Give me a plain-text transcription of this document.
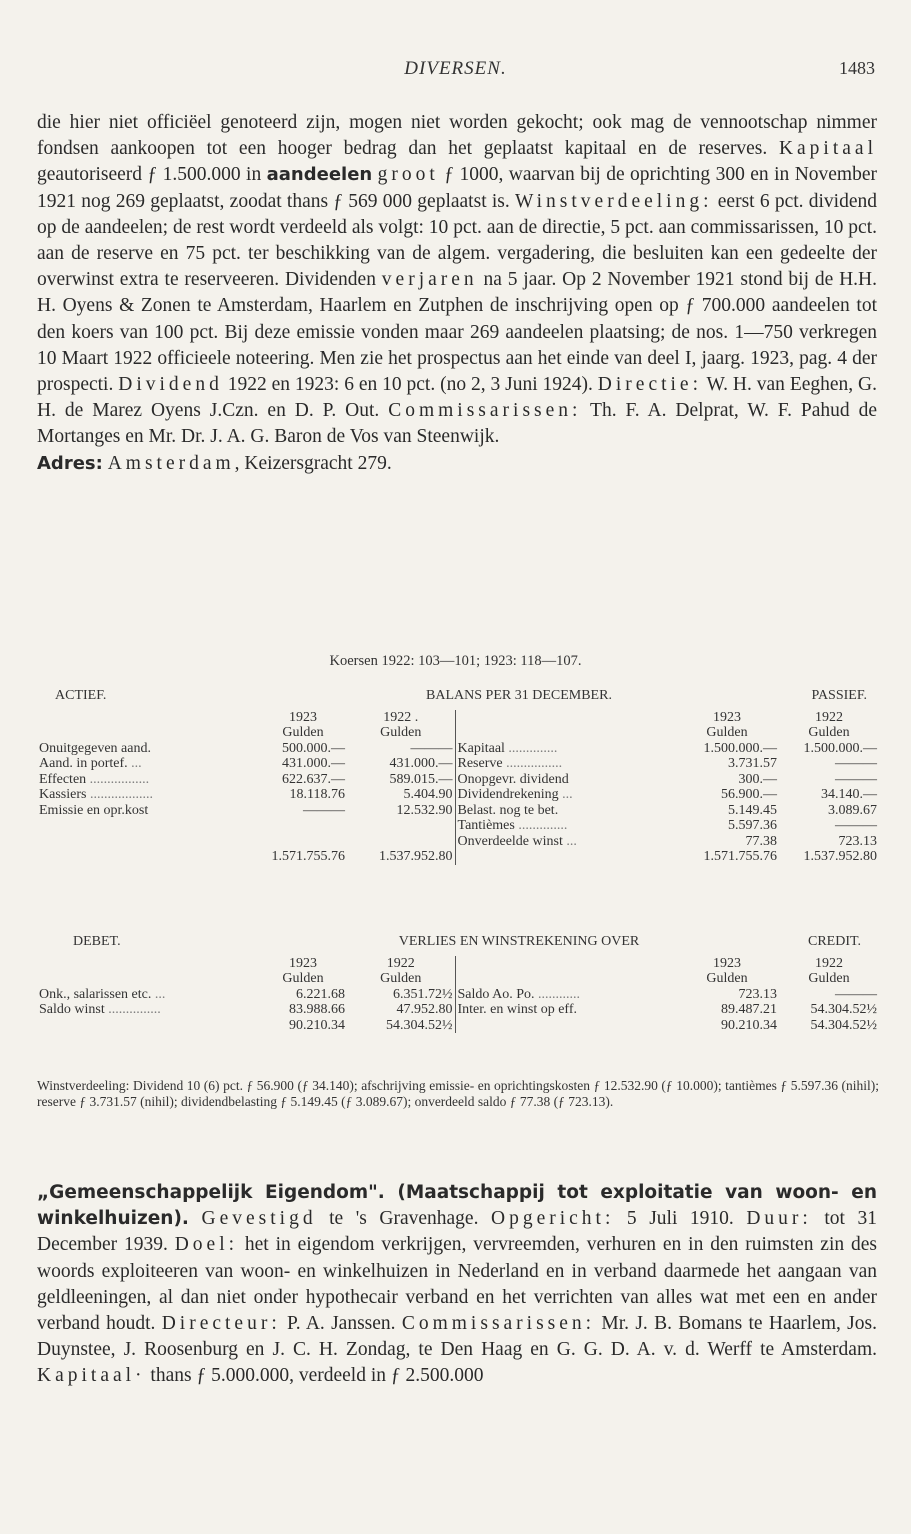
DIVERSEN.	1483
die hier niet officiëel genoteerd zijn, mogen niet worden gekocht; ook mag de vennootschap nimmer fondsen aankoopen tot een hooger bedrag dan het geplaatst kapitaal en de reserves. Kapitaal geautoriseerd ƒ 1.500.000 in aandeelen groot ƒ 1000, waarvan bij de oprichting 300 en in November 1921 nog 269 geplaatst, zoodat thans ƒ 569 000 geplaatst is. Winstverdeeling: eerst 6 pct. dividend op de aandeelen; de rest wordt verdeeld als volgt: 10 pct. aan de directie, 5 pct. aan commissarissen, 10 pct. aan de reserve en 75 pct. ter beschikking van de algem. vergadering, die besluiten kan een gedeelte der overwinst extra te reserveeren. Dividenden verjaren na 5 jaar. Op 2 November 1921 stond bij de H.H. H. Oyens & Zonen te Amsterdam, Haarlem en Zutphen de inschrijving open op ƒ 700.000 aandeelen tot den koers van 100 pct. Bij deze emissie vonden maar 269 aandeelen plaatsing; de nos. 1—750 verkregen 10 Maart 1922 officieele noteering. Men zie het prospectus aan het einde van deel I, jaarg. 1923, pag. 4 der prospecti. Dividend 1922 en 1923: 6 en 10 pct. (no 2, 3 Juni 1924). Directie: W. H. van Eeghen, G. H. de Marez Oyens J.Czn. en D. P. Out. Commissarissen: Th. F. A. Delprat, W. F. Pahud de Mortanges en Mr. Dr. J. A. G. Baron de Vos van Steenwijk.
Adres: Amsterdam, Keizersgracht 279.
Koersen 1922: 103—101; 1923: 118—107.
ACTIEF.	BALANS PER 31 DECEMBER.				PASSIEF.

	1923	1922 .		1923	1922
	Gulden	Gulden		Gulden	Gulden
Onuitgegeven aand.	500.000.—	———	Kapitaal ..............	1.500.000.—	1.500.000.—
Aand. in portef. ...	431.000.—	431.000.—	Reserve ................	3.731.57	———
Effecten .................	622.637.—	589.015.—	Onopgevr. dividend	300.—	———
Kassiers ..................	18.118.76	5.404.90	Dividendrekening ...	56.900.—	34.140.—
Emissie en opr.kost	———	12.532.90	Belast. nog te bet.	5.149.45	3.089.67
			Tantièmes ..............	5.597.36	———
			Onverdeelde winst ...	77.38	723.13
	1.571.755.76	1.537.952.80		1.571.755.76	1.537.952.80
DEBET.	VERLIES EN WINSTREKENING OVER				CREDIT.

	1923	1922		1923	1922
	Gulden	Gulden		Gulden	Gulden
Onk., salarissen etc. ...	6.221.68	6.351.72½	Saldo Ao. Po. ............	723.13	———
Saldo winst ...............	83.988.66	47.952.80	Inter. en winst op eff.	89.487.21	54.304.52½
	90.210.34	54.304.52½		90.210.34	54.304.52½
Winstverdeeling: Dividend 10 (6) pct. ƒ 56.900 (ƒ 34.140); afschrijving emissie- en oprichtingskosten ƒ 12.532.90 (ƒ 10.000); tantièmes ƒ 5.597.36 (nihil); reserve ƒ 3.731.57 (nihil); dividendbelasting ƒ 5.149.45 (ƒ 3.089.67); onverdeeld saldo ƒ 77.38 (ƒ 723.13).
„Gemeenschappelijk Eigendom". (Maatschappij tot exploitatie van woon- en winkelhuizen). Gevestigd te 's Gravenhage. Opgericht: 5 Juli 1910. Duur: tot 31 December 1939. Doel: het in eigendom verkrijgen, vervreemden, verhuren en in den ruimsten zin des woords exploiteeren van woon- en winkelhuizen in Nederland en in verband daarmede het aangaan van geldleeningen, al dan niet onder hypothecair verband en het verrichten van alles wat met een en ander verband houdt. Directeur: P. A. Janssen. Commissarissen: Mr. J. B. Bomans te Haarlem, Jos. Duynstee, J. Roosenburg en J. C. H. Zondag, te Den Haag en G. G. D. A. v. d. Werff te Amsterdam. Kapitaal· thans ƒ 5.000.000, verdeeld in ƒ 2.500.000
